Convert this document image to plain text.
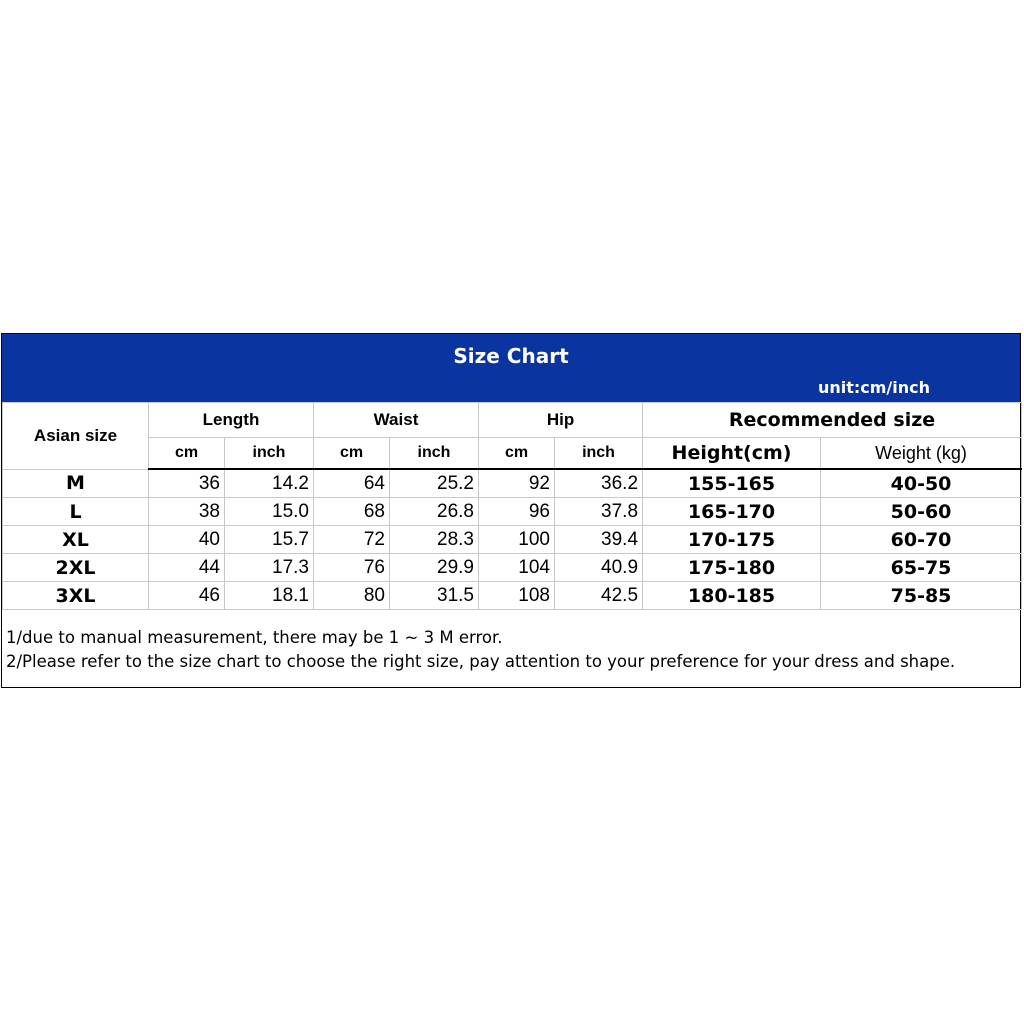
Size Chart
unit:cm/inch
Asian size	Length		Waist		Hip		Recommended size	
	cm	inch	cm	inch	cm	inch	Height(cm)	Weight (kg)
M	36	14.2	64	25.2	92	36.2	155-165	40-50
L	38	15.0	68	26.8	96	37.8	165-170	50-60
XL	40	15.7	72	28.3	100	39.4	170-175	60-70
2XL	44	17.3	76	29.9	104	40.9	175-180	65-75
3XL	46	18.1	80	31.5	108	42.5	180-185	75-85
1/due to manual measurement, there may be 1 ~ 3 M error.
2/Please refer to the size chart to choose the right size, pay attention to your preference for your dress and shape.
